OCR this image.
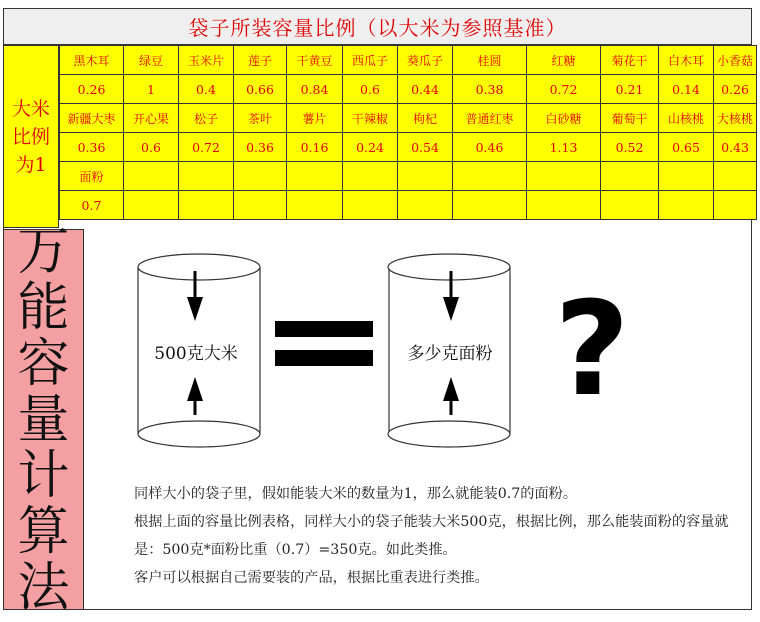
袋子所装容量比例（以大米为参照基准）
大米
比例
为1
黑木耳	绿豆	玉米片	莲子	干黄豆	西瓜子	葵瓜子	桂圆	红糖	菊花干	白木耳	小香菇
0.26	1	0.4	0.66	0.84	0.6	0.44	0.38	0.72	0.21	0.14	0.26
新疆大枣	开心果	松子	茶叶	薯片	干辣椒	枸杞	普通红枣	白砂糖	葡萄干	山核桃	大核桃
0.36	0.6	0.72	0.36	0.16	0.24	0.54	0.46	1.13	0.52	0.65	0.43
面粉											
0.7											
万
能
容
量
计
算
法
500克大米	多少克面粉 ?

同样大小的袋子里，假如能装大米的数量为1，那么就能装0.7的面粉。

根据上面的容量比例表格，同样大小的袋子能装大米500克，根据比例，那么能装面粉的容量就是：500克*面粉比重（0.7）=350克。如此类推。

客户可以根据自己需要装的产品，根据比重表进行类推。
